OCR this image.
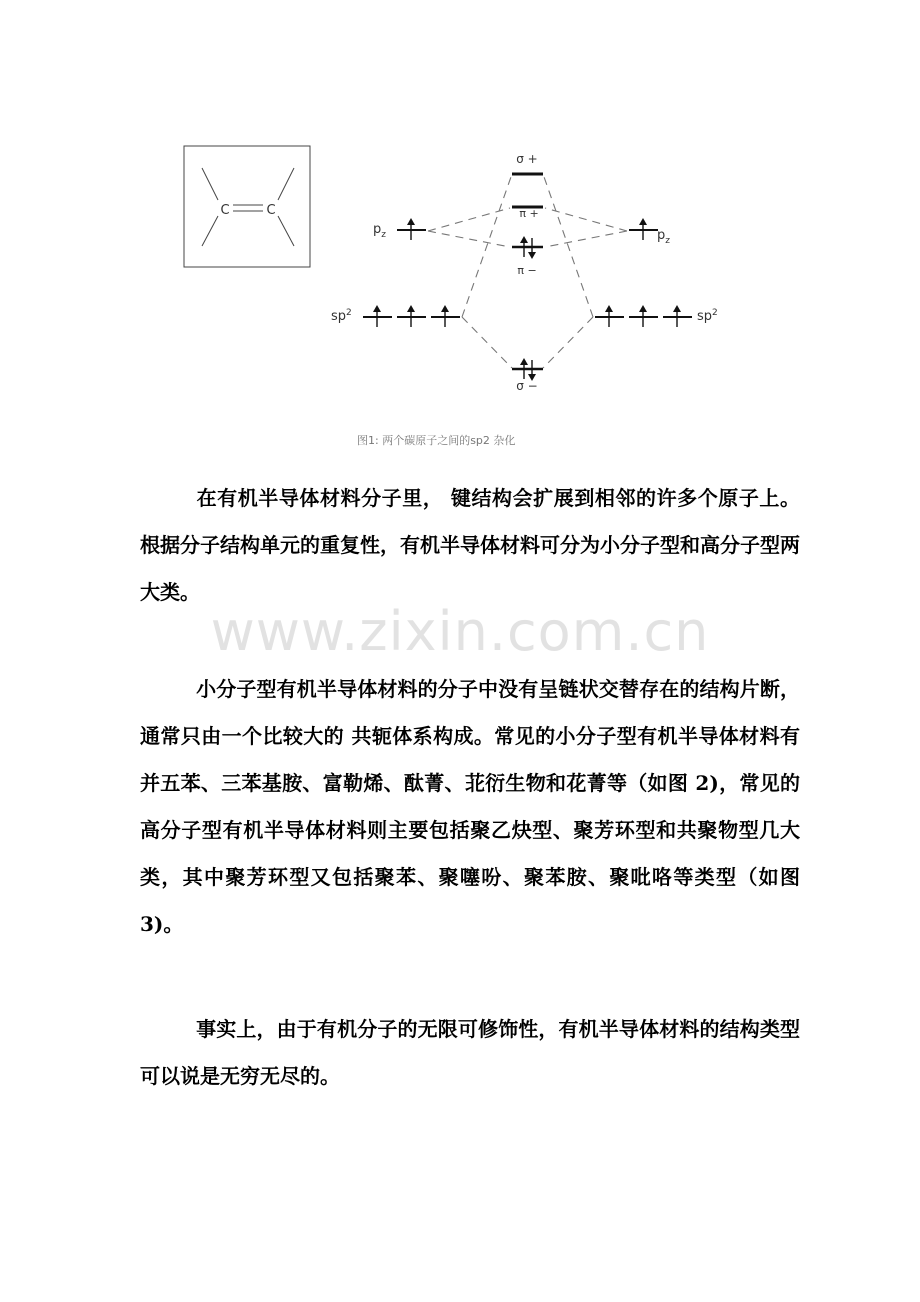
C	C
σ +
π +
π −
σ −
$p_z$	$p_z$
$sp^2$	$sp^2$
图1: 两个碳原子之间的sp2 杂化

在有机半导体材料分子里， 键结构会扩展到相邻的许多个原子上。根据分子结构单元的重复性，有机半导体材料可分为小分子型和高分子型两大类。

www.zixin.com.cn

小分子型有机半导体材料的分子中没有呈链状交替存在的结构片断，通常只由一个比较大的 共轭体系构成。常见的小分子型有机半导体材料有并五苯、三苯基胺、富勒烯、酞菁、苝衍生物和花菁等（如图 2)，常见的高分子型有机半导体材料则主要包括聚乙炔型、聚芳环型和共聚物型几大类，其中聚芳环型又包括聚苯、聚噻吩、聚苯胺、聚吡咯等类型（如图 3)。

事实上，由于有机分子的无限可修饰性，有机半导体材料的结构类型可以说是无穷无尽的。
